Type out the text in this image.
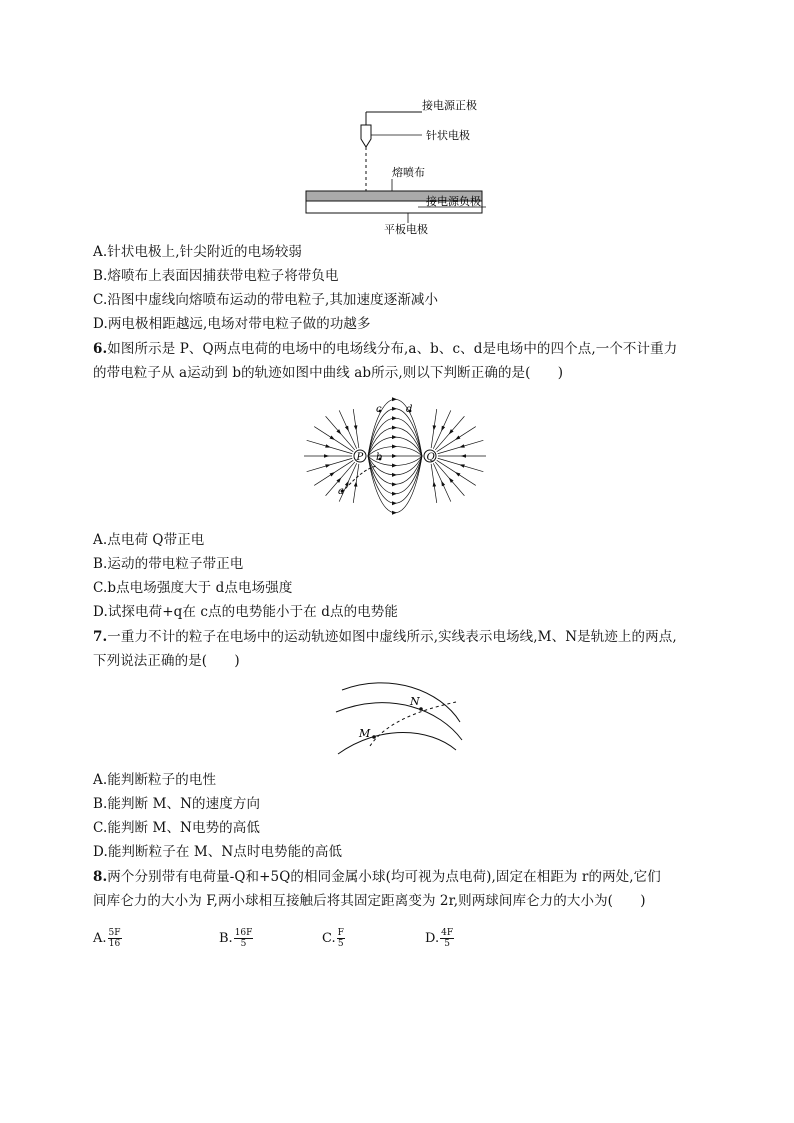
接电源正极
针状电极
熔喷布
接电源负极
平板电极
A.针状电极上,针尖附近的电场较弱
B.熔喷布上表面因捕获带电粒子将带负电
C.沿图中虚线向熔喷布运动的带电粒子,其加速度逐渐减小
D.两电极相距越远,电场对带电粒子做的功越多
6.如图所示是 P、Q两点电荷的电场中的电场线分布,a、b、c、d是电场中的四个点,一个不计重力
的带电粒子从 a运动到 b的轨迹如图中曲线 ab所示,则以下判断正确的是(　　)
P	Q
a
b
c d
A.点电荷 Q带正电
B.运动的带电粒子带正电
C.b点电场强度大于 d点电场强度
D.试探电荷+q在 c点的电势能小于在 d点的电势能
7.一重力不计的粒子在电场中的运动轨迹如图中虚线所示,实线表示电场线,M、N是轨迹上的两点,
下列说法正确的是(　　)
M
N
A.能判断粒子的电性
B.能判断 M、N的速度方向
C.能判断 M、N电势的高低
D.能判断粒子在 M、N点时电势能的高低
8.两个分别带有电荷量-Q和+5Q的相同金属小球(均可视为点电荷),固定在相距为 r的两处,它们
间库仑力的大小为 F,两小球相互接触后将其固定距离变为 2r,则两球间库仑力的大小为(　　)
A. $\frac{5F}{16}$	B. $\frac{16F}{5}$	C. $\frac{F}{5}$	D. $\frac{4F}{5}$
